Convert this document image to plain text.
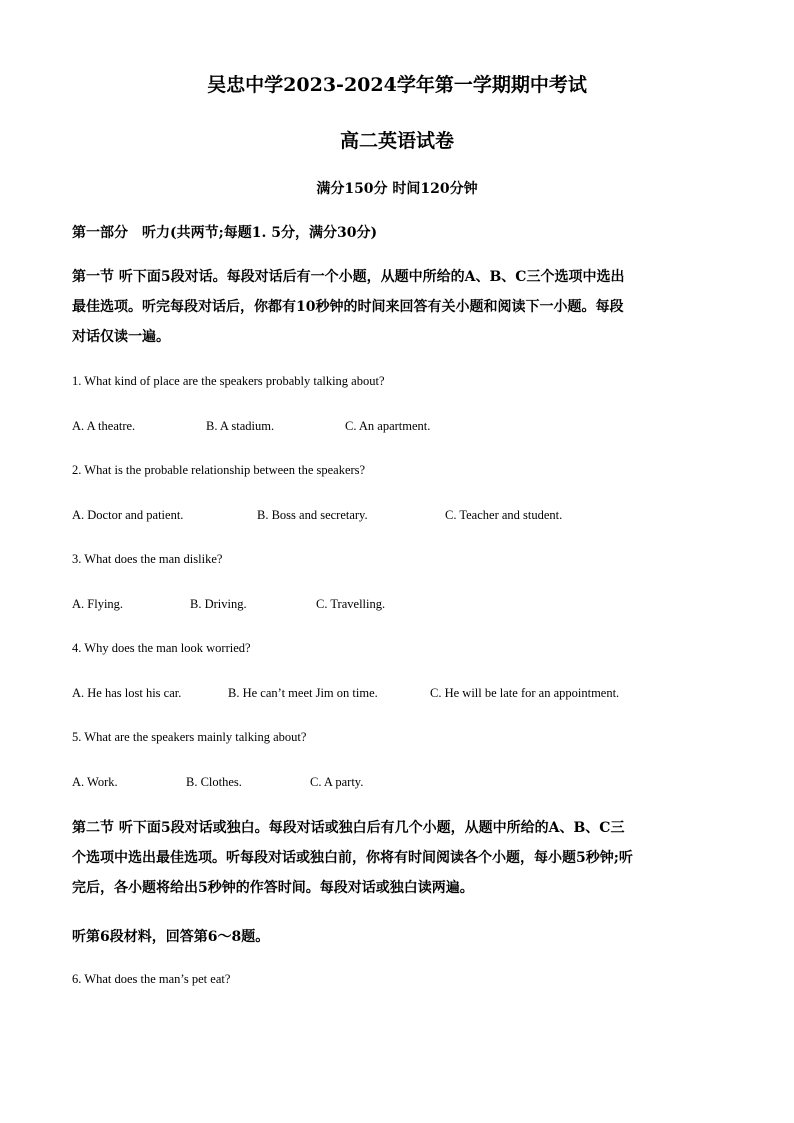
吴忠中学2023-2024学年第一学期期中考试
高二英语试卷
满分150分 时间120分钟
第一部分　听力(共两节;每题1. 5分，满分30分)
第一节 听下面5段对话。每段对话后有一个小题，从题中所给的A、B、C三个选项中选出
最佳选项。听完每段对话后，你都有10秒钟的时间来回答有关小题和阅读下一小题。每段
对话仅读一遍。
1. What kind of place are the speakers probably talking about?
A. A theatre.	B. A stadium.	C. An apartment.
2. What is the probable relationship between the speakers?
A. Doctor and patient.	B. Boss and secretary.	C. Teacher and student.
3. What does the man dislike?
A. Flying.	B. Driving.	C. Travelling.
4. Why does the man look worried?
A. He has lost his car.	B. He can’t meet Jim on time.	C. He will be late for an appointment.
5. What are the speakers mainly talking about?
A. Work.	B. Clothes.	C. A party.
第二节 听下面5段对话或独白。每段对话或独白后有几个小题，从题中所给的A、B、C三
个选项中选出最佳选项。听每段对话或独白前，你将有时间阅读各个小题，每小题5秒钟;听
完后，各小题将给出5秒钟的作答时间。每段对话或独白读两遍。
听第6段材料，回答第6～8题。
6. What does the man’s pet eat?
